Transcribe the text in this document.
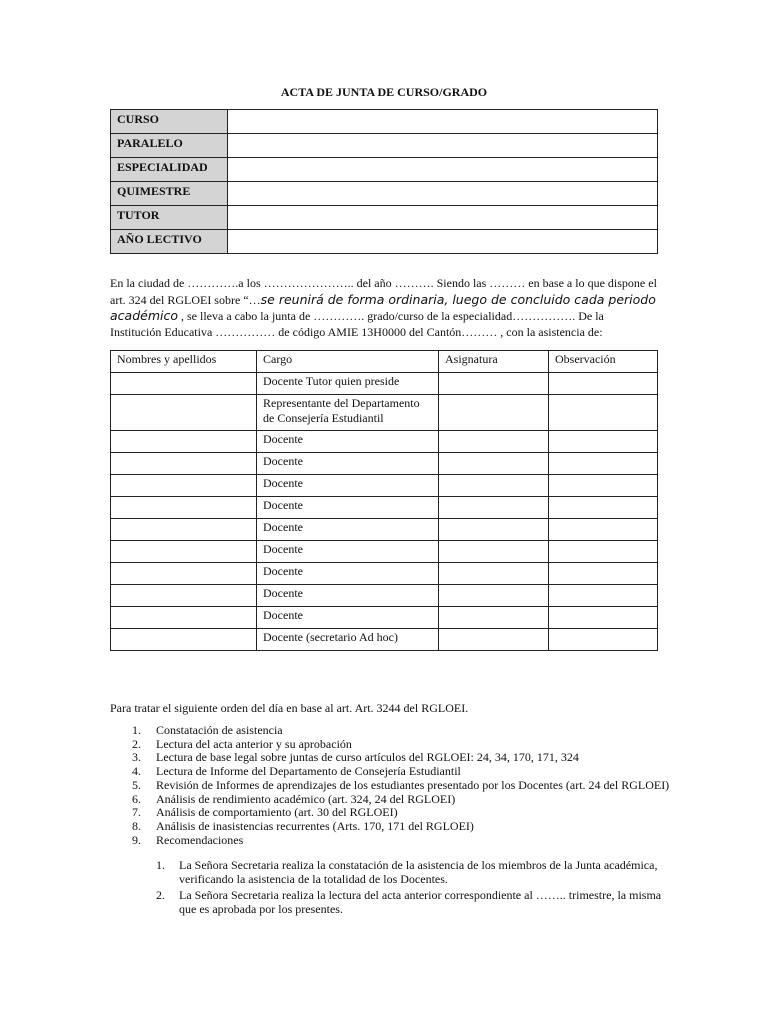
ACTA DE JUNTA DE CURSO/GRADO
CURSO	
PARALELO	
ESPECIALIDAD	
QUIMESTRE	
TUTOR	
AÑO LECTIVO	
En la ciudad de ………….a los ………………….. del año ………. Siendo las ……… en base a lo que dispone el art. 324 del RGLOEI sobre “…se reunirá de forma ordinaria, luego de concluido cada periodo académico , se lleva a cabo la junta de …………. grado/curso de la especialidad……………. De la Institución Educativa …………… de código AMIE 13H0000 del Cantón……… , con la asistencia de:
Nombres y apellidos	Cargo	Asignatura	Observación
	Docente Tutor quien preside		
	Representante del Departamento de Consejería Estudiantil		
	Docente		
	Docente		
	Docente		
	Docente		
	Docente		
	Docente		
	Docente		
	Docente		
	Docente		
	Docente (secretario Ad hoc)		
Para tratar el siguiente orden del día en base al art. Art. 3244 del RGLOEI.
1. Constatación de asistencia
2. Lectura del acta anterior y su aprobación
3. Lectura de base legal sobre juntas de curso artículos del RGLOEI: 24, 34, 170, 171, 324
4. Lectura de Informe del Departamento de Consejería Estudiantil
5. Revisión de Informes de aprendizajes de los estudiantes presentado por los Docentes (art. 24 del RGLOEI)
6. Análisis de rendimiento académico (art. 324, 24 del RGLOEI)
7. Análisis de comportamiento (art. 30 del RGLOEI)
8. Análisis de inasistencias recurrentes (Arts. 170, 171 del RGLOEI)
9. Recomendaciones
1. La Señora Secretaria realiza la constatación de la asistencia de los miembros de la Junta académica, verificando la asistencia de la totalidad de los Docentes.
2. La Señora Secretaria realiza la lectura del acta anterior correspondiente al …….. trimestre, la misma que es aprobada por los presentes.
